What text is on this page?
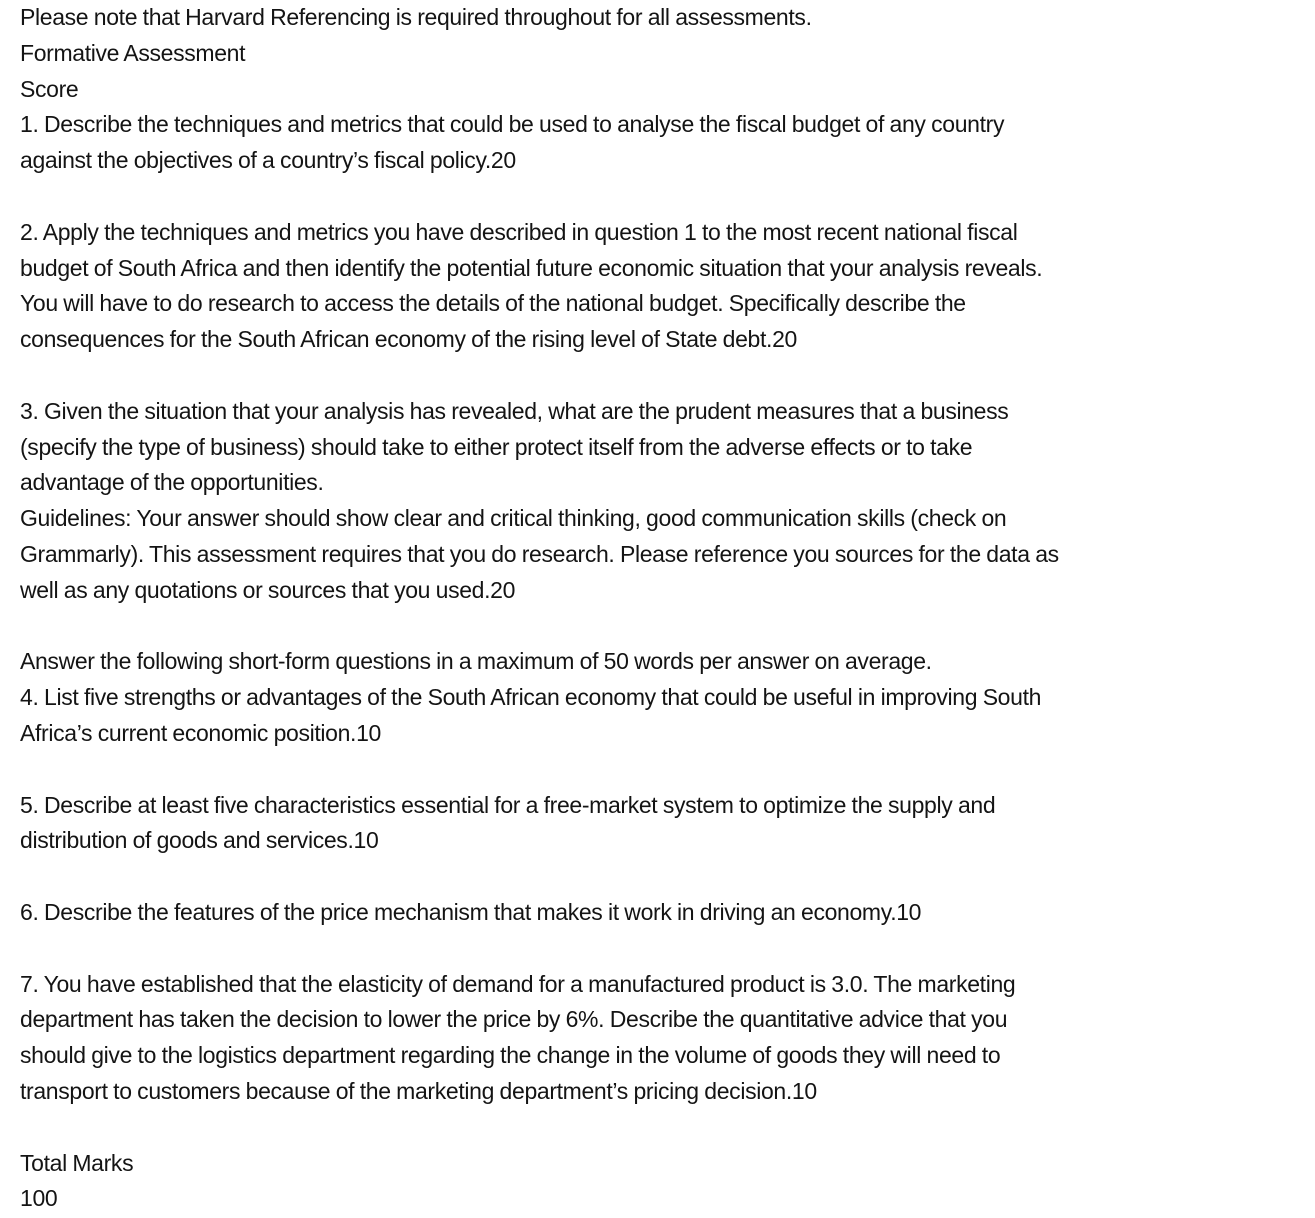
Please note that Harvard Referencing is required throughout for all assessments.
Formative Assessment
Score
1. Describe the techniques and metrics that could be used to analyse the fiscal budget of any country
against the objectives of a country’s fiscal policy.20
2. Apply the techniques and metrics you have described in question 1 to the most recent national fiscal
budget of South Africa and then identify the potential future economic situation that your analysis reveals.
You will have to do research to access the details of the national budget. Specifically describe the
consequences for the South African economy of the rising level of State debt.20
3. Given the situation that your analysis has revealed, what are the prudent measures that a business
(specify the type of business) should take to either protect itself from the adverse effects or to take
advantage of the opportunities.
Guidelines: Your answer should show clear and critical thinking, good communication skills (check on
Grammarly). This assessment requires that you do research. Please reference you sources for the data as
well as any quotations or sources that you used.20
Answer the following short-form questions in a maximum of 50 words per answer on average.
4. List five strengths or advantages of the South African economy that could be useful in improving South
Africa’s current economic position.10
5. Describe at least five characteristics essential for a free-market system to optimize the supply and
distribution of goods and services.10
6. Describe the features of the price mechanism that makes it work in driving an economy.10
7. You have established that the elasticity of demand for a manufactured product is 3.0. The marketing
department has taken the decision to lower the price by 6%. Describe the quantitative advice that you
should give to the logistics department regarding the change in the volume of goods they will need to
transport to customers because of the marketing department’s pricing decision.10
Total Marks
100
